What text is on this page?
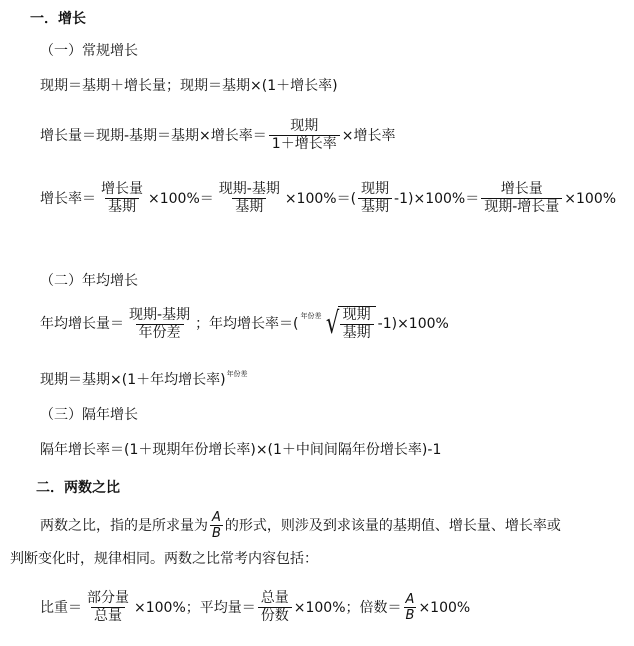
一．增长
（一）常规增长
现期＝基期＋增长量；现期＝基期×(1＋增长率)
增长量＝现期-基期＝基期×增长率＝ $\frac{\text{现期}}{\text{1＋增长率}}$ ×增长率
增长率＝ $\frac{\text{增长量}}{\text{基期}} \times 100\%= \frac{\text{现期-基期}}{\text{基期}} \times 100\%=( \frac{\text{现期}}{\text{基期}} -1)\times 100\%= \frac{\text{增长量}}{\text{现期-增长量}} \times 100\%$
（二）年均增长
年均增长量＝ $\frac{\text{现期-基期}}{\text{年份差}}$ ；年均增长率＝( 年份差 √ $\frac{\text{现期}}{\text{基期}} -1)\times 100\%$
现期＝基期×(1＋年均增长率)$^{年份差}$
（三）隔年增长
隔年增长率＝(1＋现期年份增长率)×(1＋中间间隔年份增长率)-1
二．两数之比
两数之比，指的是所求量为 $\frac{A}{B}$ 的形式，则涉及到求该量的基期值、增长量、增长率或
判断变化时，规律相同。两数之比常考内容包括：
比重＝ $\frac{\text{部分量}}{\text{总量}} \times 100\%$；平均量＝ $\frac{\text{总量}}{\text{份数}} \times 100\%$；倍数＝ $\frac{A}{B} \times 100\%$
